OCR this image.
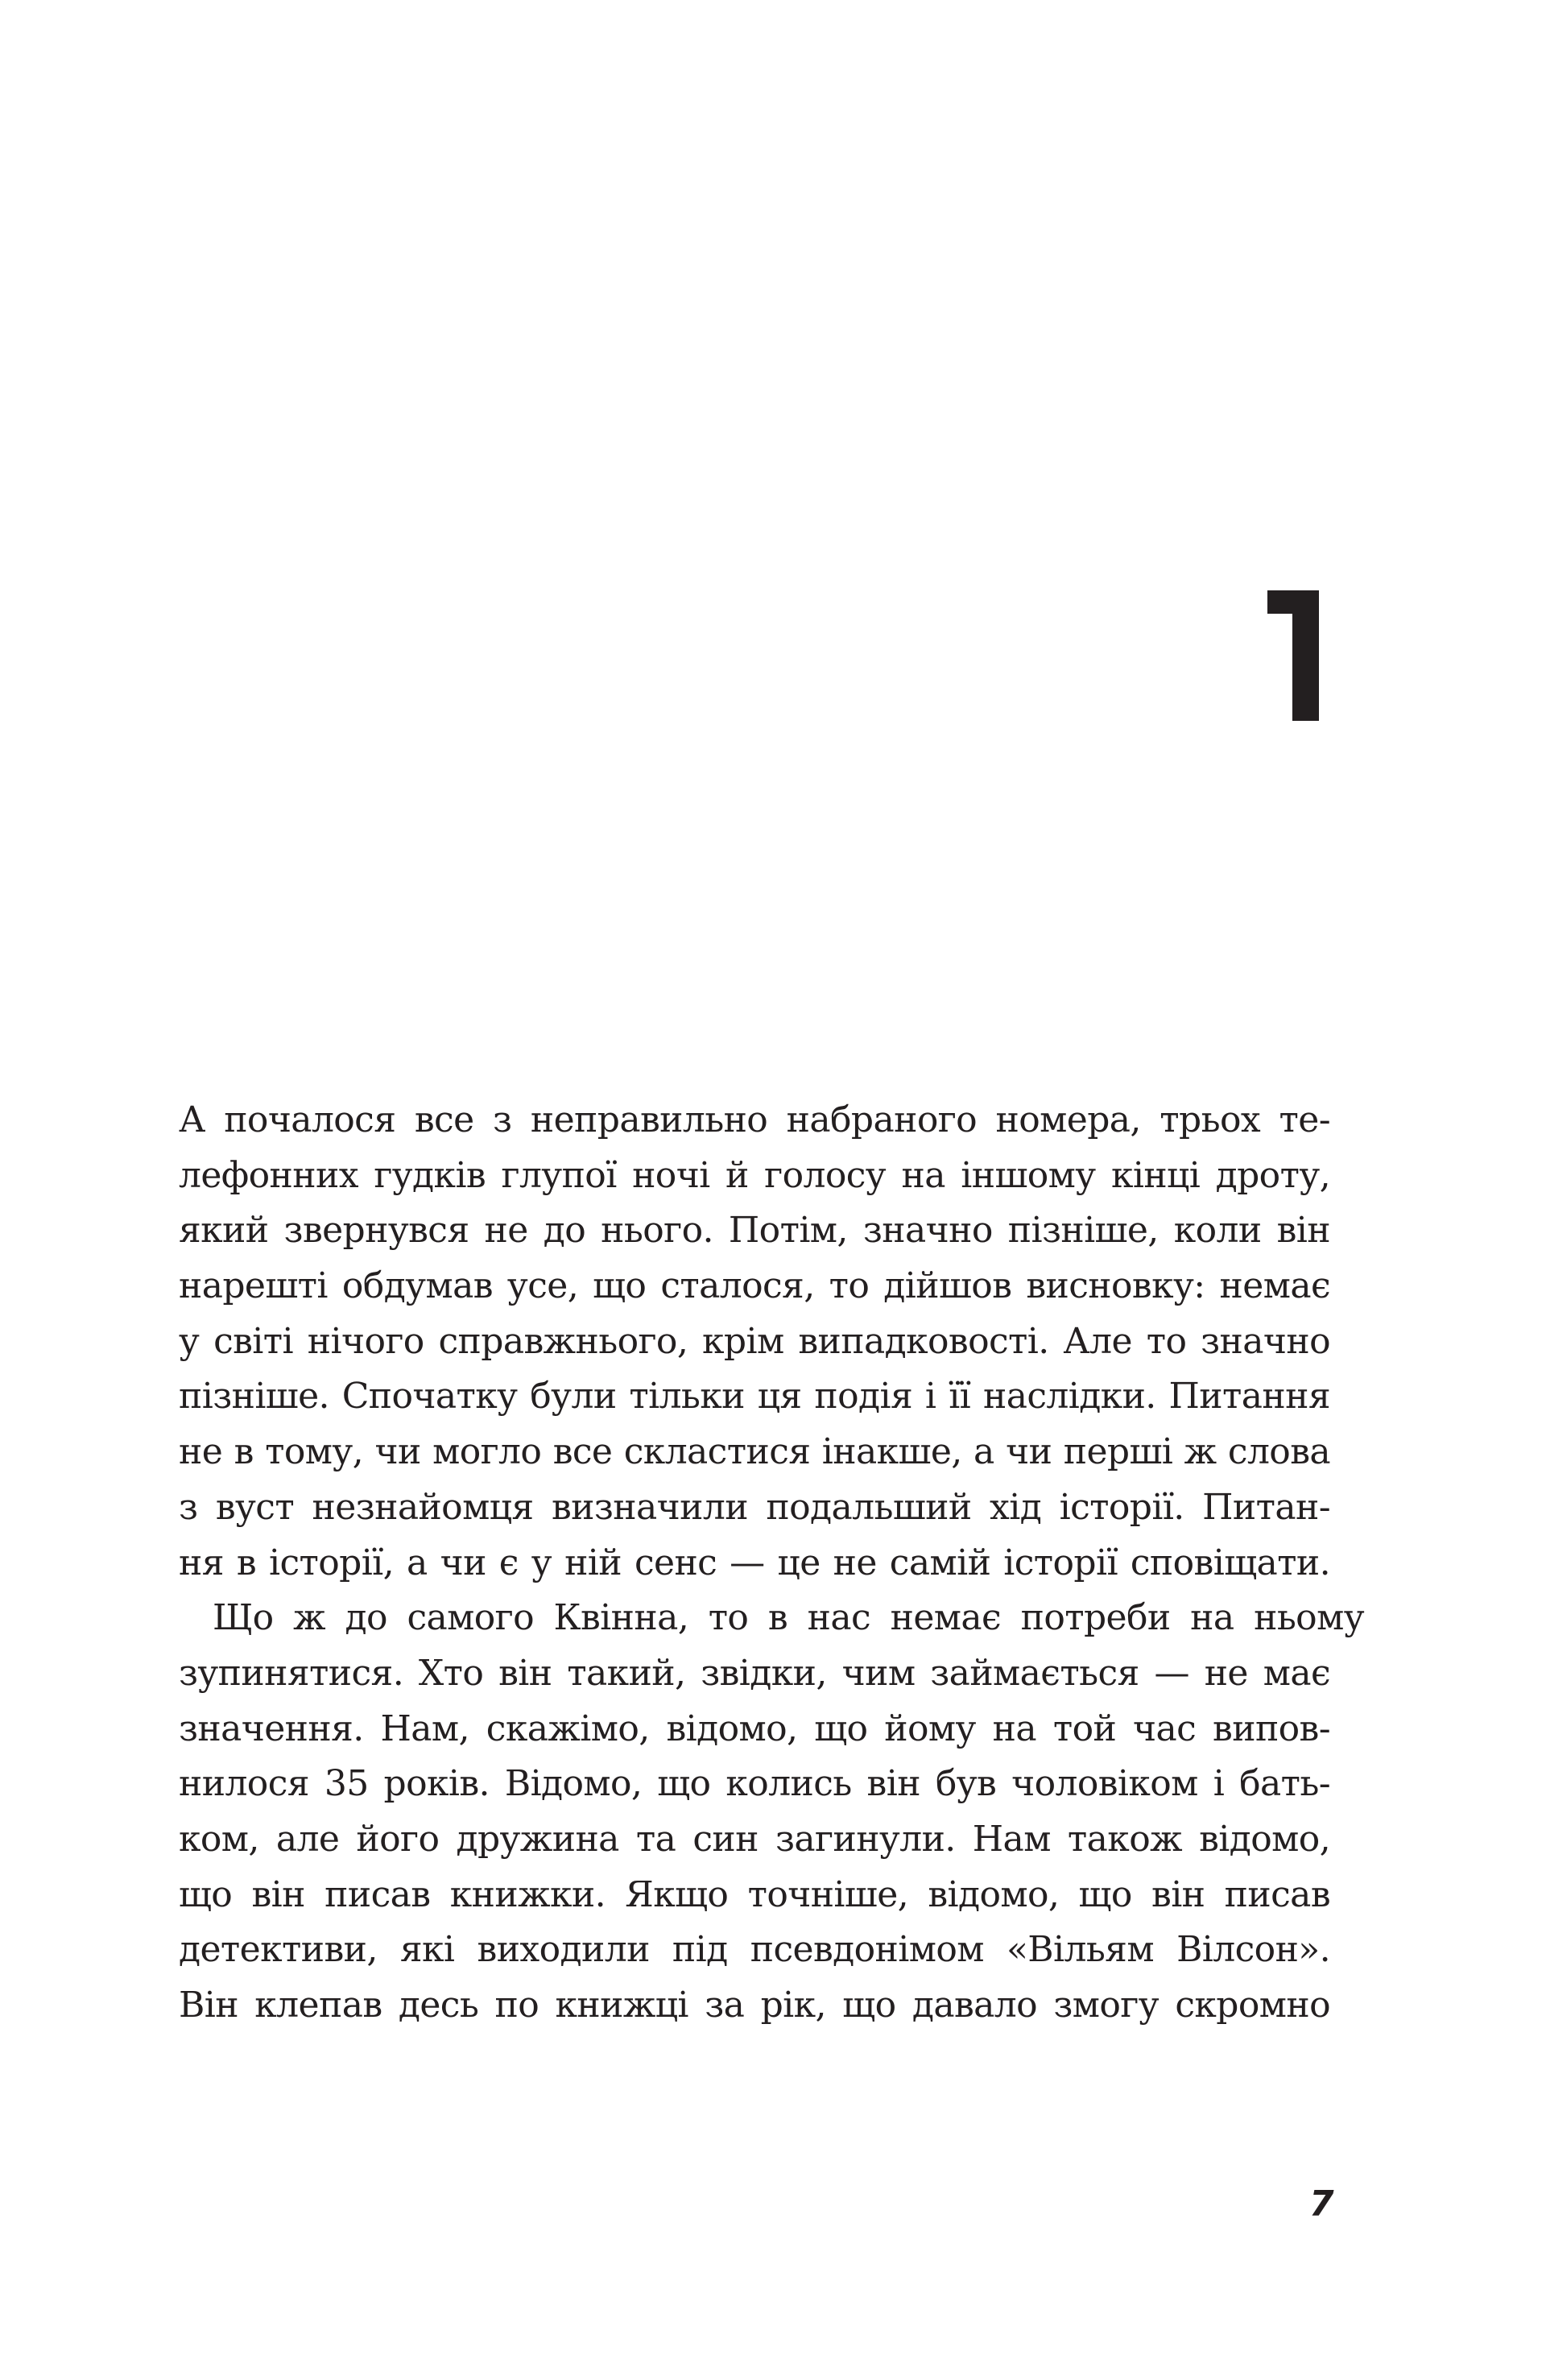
А почалося все з неправильно набраного номера, трьох те-
лефонних гудків глупої ночі й голосу на іншому кінці дроту,
який звернувся не до нього. Потім, значно пізніше, коли він
нарешті обдумав усе, що сталося, то дійшов висновку: немає
у світі нічого справжнього, крім випадковості. Але то значно
пізніше. Спочатку були тільки ця подія і її наслідки. Питання
не в тому, чи могло все скластися інакше, а чи перші ж слова
з вуст незнайомця визначили подальший хід історії. Питан-
ня в історії, а чи є у ній сенс — це не самій історії сповіщати.
Що ж до самого Квінна, то в нас немає потреби на ньому
зупинятися. Хто він такий, звідки, чим займається — не має
значення. Нам, скажімо, відомо, що йому на той час випов-
нилося 35 років. Відомо, що колись він був чоловіком і бать-
ком, але його дружина та син загинули. Нам також відомо,
що він писав книжки. Якщо точніше, відомо, що він писав
детективи, які виходили під псевдонімом «Вільям Вілсон».
Він клепав десь по книжці за рік, що давало змогу скромно
7
